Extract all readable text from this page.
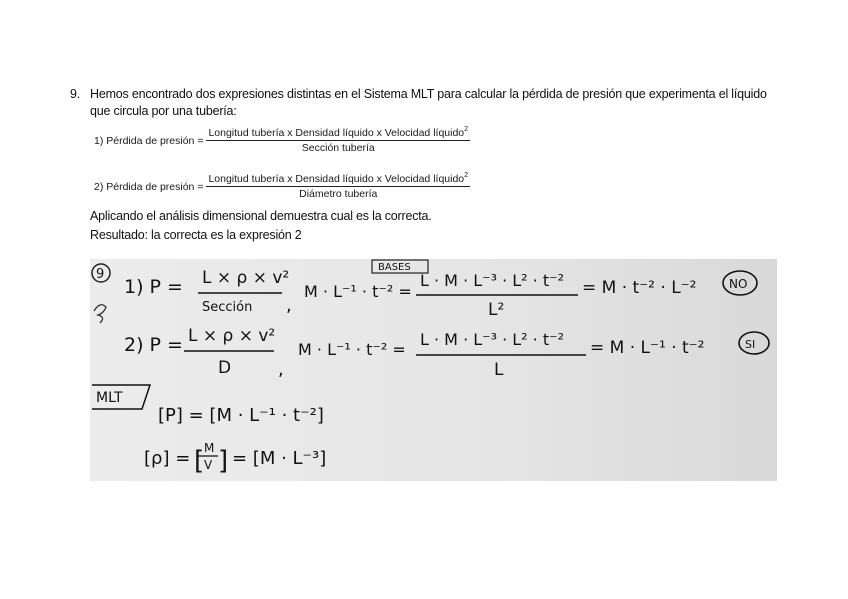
9. Hemos encontrado dos expresiones distintas en el Sistema MLT para calcular la pérdida de presión que experimenta el líquido que circula por una tubería:
1) Pérdida de presión = $\frac{Longitud tubería x Densidad líquido x Velocidad líquido^2}{\text{Sección tubería}}$
2) Pérdida de presión = $\frac{Longitud tubería x Densidad líquido x Velocidad líquido^2}{\text{Diámetro tubería}}$
Aplicando el análisis dimensional demuestra cual es la correcta.
Resultado: la correcta es la expresión 2
9	BASES
1) P = L × ρ × v²
Sección ,
M · L⁻¹ · t⁻² =
L · M · L⁻³ · L² · t⁻²
L²
= M · t⁻² · L⁻²	NO
2) P = L × ρ × v²
D	,
M · L⁻¹ · t⁻² =
L · M · L⁻³ · L² · t⁻²
L
= M · L⁻¹ · t⁻²	SI
MLT
[P] = [M · L⁻¹ · t⁻²]
[ρ] = M
V
[ ] = [M · L⁻³]
